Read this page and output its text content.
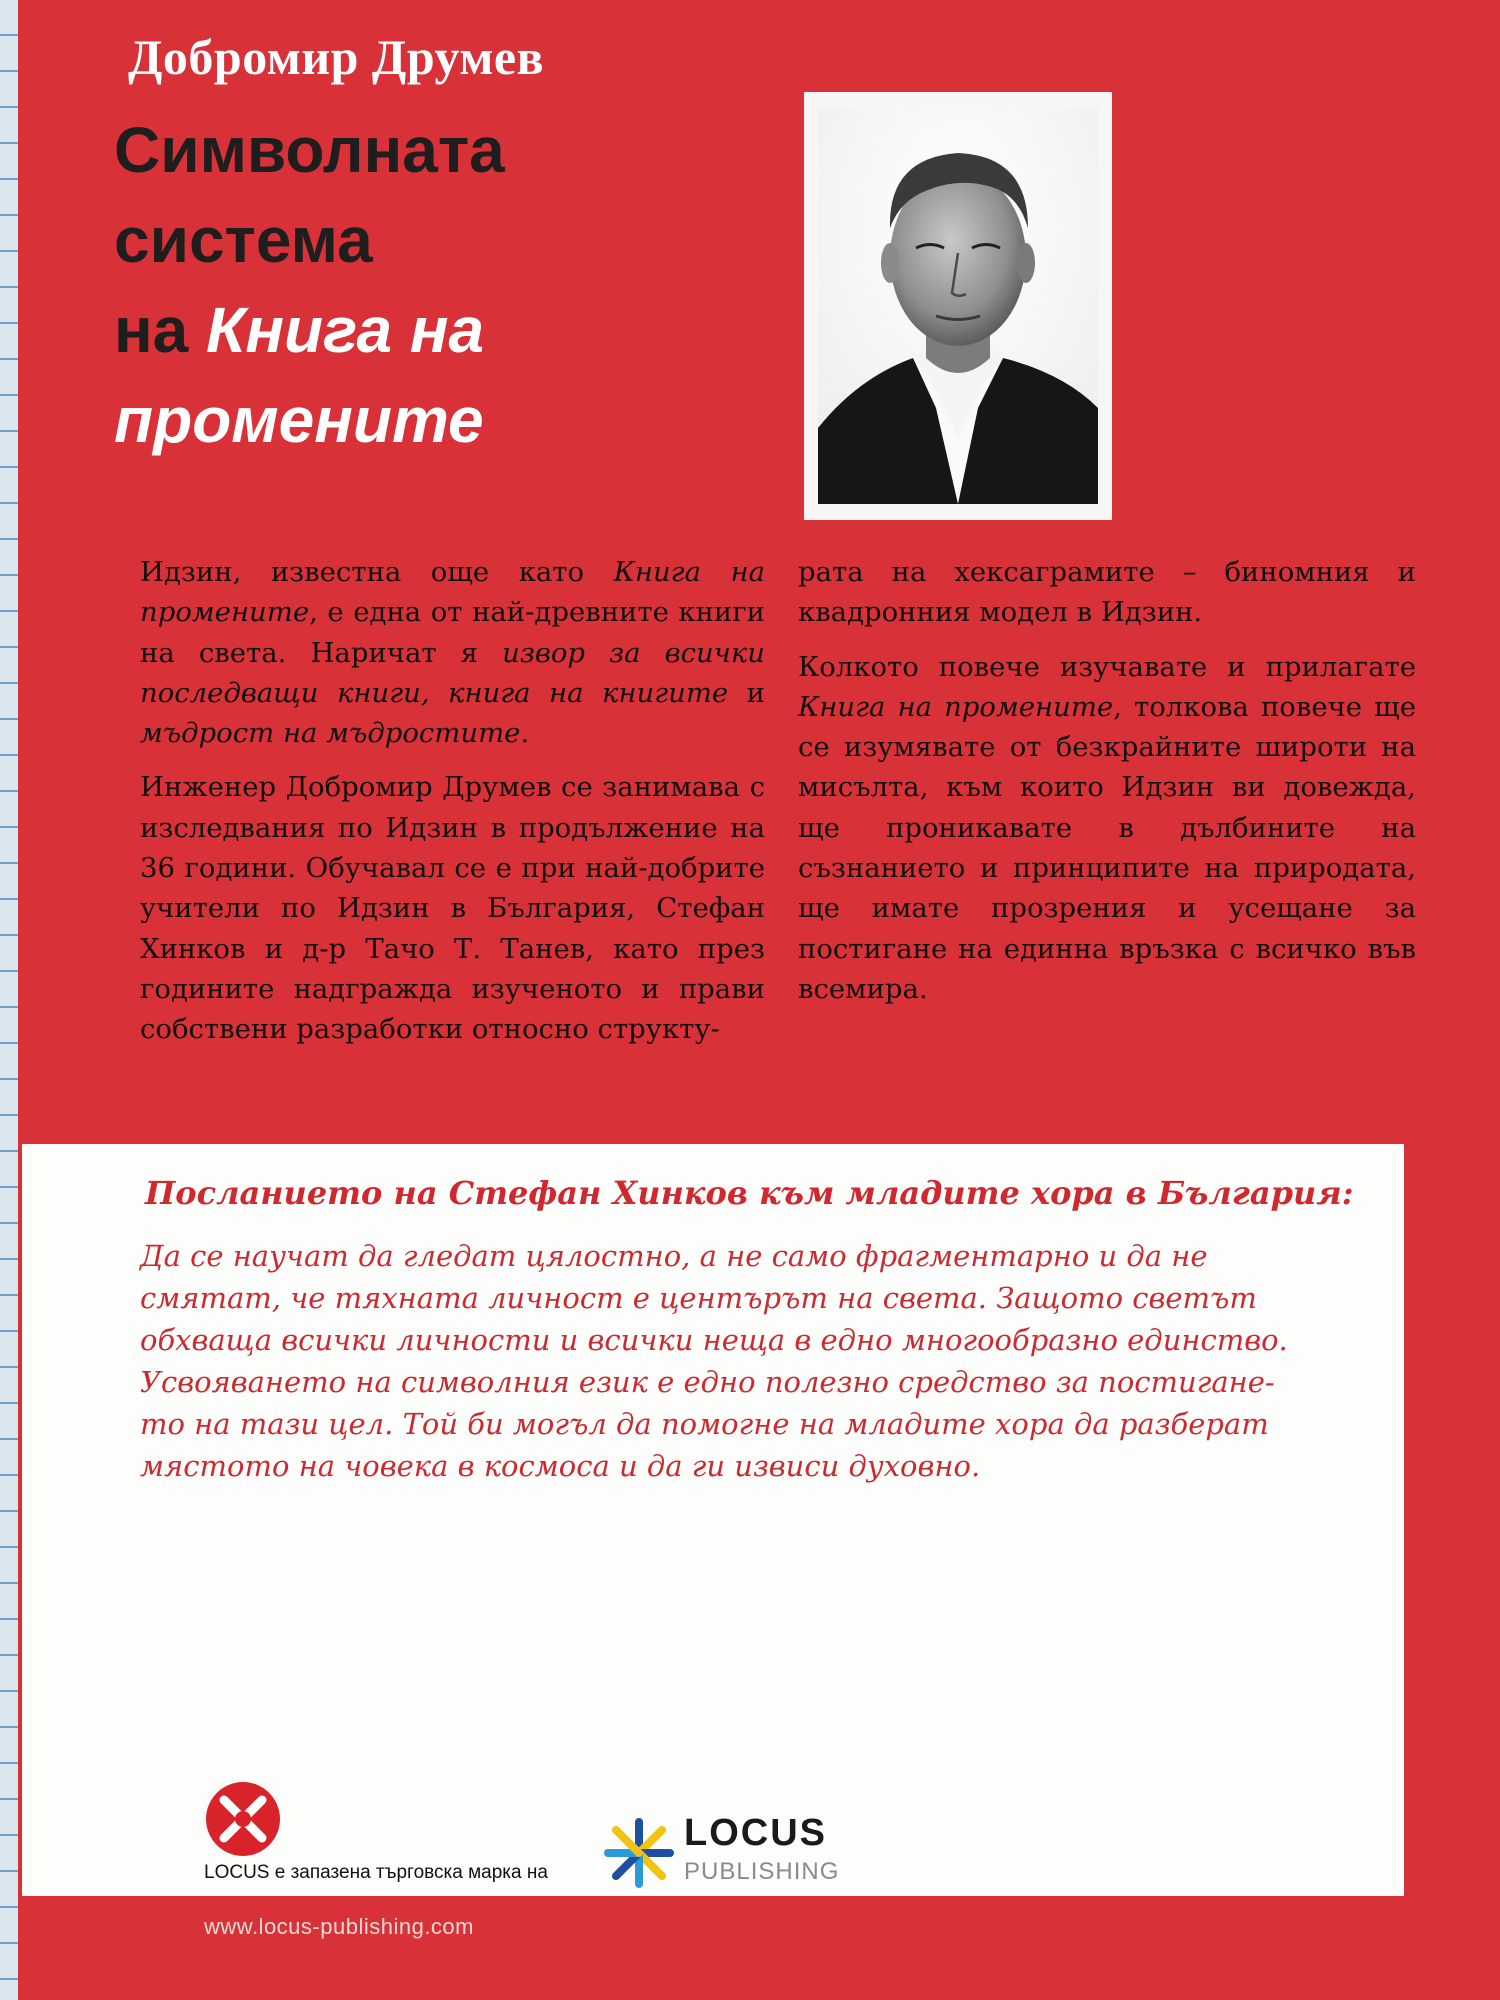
Добромир Друмев
Символната
система
на Книга на
промените

Идзин, известна още като Книга на промените, е една от най-древните книги на света. Наричат я извор за всички последващи книги, книга на книгите и мъдрост на мъдростите.

Инженер Добромир Друмев се занимава с изследвания по Идзин в продължение на 36 години. Обучавал се е при най-добрите учители по Идзин в България, Стефан Хинков и д-р Тачо Т. Танев, като през годините надгражда изученото и прави собствени разработки относно структу-

рата на хексаграмите – биномния и квадронния модел в Идзин.

Колкото повече изучавате и прилагате Книга на промените, толкова повече ще се изумявате от безкрайните широти на мисълта, към които Идзин ви довежда, ще проникавате в дълбините на съзнанието и принципите на природата, ще имате прозрения и усещане за постигане на единна връзка с всичко във всемира.

Посланието на Стефан Хинков към младите хора в България:
Да се научат да гледат цялостно, а не само фрагментарно и да не
смятат, че тяхната личност е центърът на света. Защото светът
обхваща всички личности и всички неща в едно многообразно единство.
Усвояването на символния език е едно полезно средство за постигане-
то на тази цел. Той би могъл да помогне на младите хора да разберат
мястото на човека в космоса и да ги извиси духовно.
LOCUS е запазена търговска марка на
LOCUS
PUBLISHING
www.locus-publishing.com
